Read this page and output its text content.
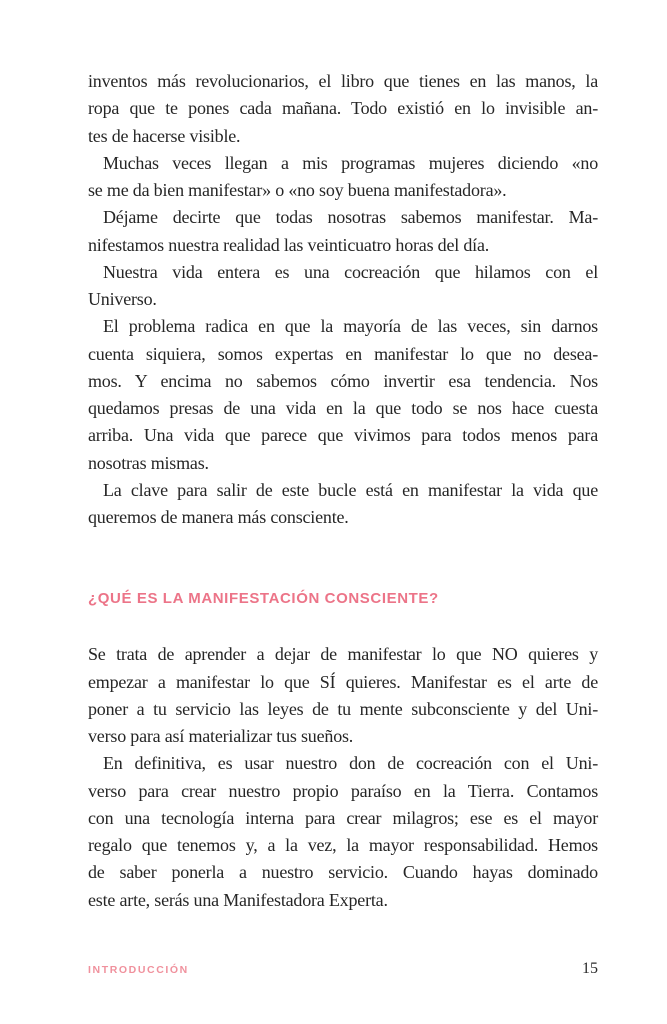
inventos más revolucionarios, el libro que tienes en las manos, la
ropa que te pones cada mañana. Todo existió en lo invisible an-
tes de hacerse visible.
Muchas veces llegan a mis programas mujeres diciendo «no
se me da bien manifestar» o «no soy buena manifestadora».
Déjame decirte que todas nosotras sabemos manifestar. Ma-
nifestamos nuestra realidad las veinticuatro horas del día.
Nuestra vida entera es una cocreación que hilamos con el
Universo.
El problema radica en que la mayoría de las veces, sin darnos
cuenta siquiera, somos expertas en manifestar lo que no desea-
mos. Y encima no sabemos cómo invertir esa tendencia. Nos
quedamos presas de una vida en la que todo se nos hace cuesta
arriba. Una vida que parece que vivimos para todos menos para
nosotras mismas.
La clave para salir de este bucle está en manifestar la vida que
queremos de manera más consciente.
¿QUÉ ES LA MANIFESTACIÓN CONSCIENTE?
Se trata de aprender a dejar de manifestar lo que NO quieres y
empezar a manifestar lo que SÍ quieres. Manifestar es el arte de
poner a tu servicio las leyes de tu mente subconsciente y del Uni-
verso para así materializar tus sueños.
En definitiva, es usar nuestro don de cocreación con el Uni-
verso para crear nuestro propio paraíso en la Tierra. Contamos
con una tecnología interna para crear milagros; ese es el mayor
regalo que tenemos y, a la vez, la mayor responsabilidad. Hemos
de saber ponerla a nuestro servicio. Cuando hayas dominado
este arte, serás una Manifestadora Experta.
INTRODUCCIÓN	15
